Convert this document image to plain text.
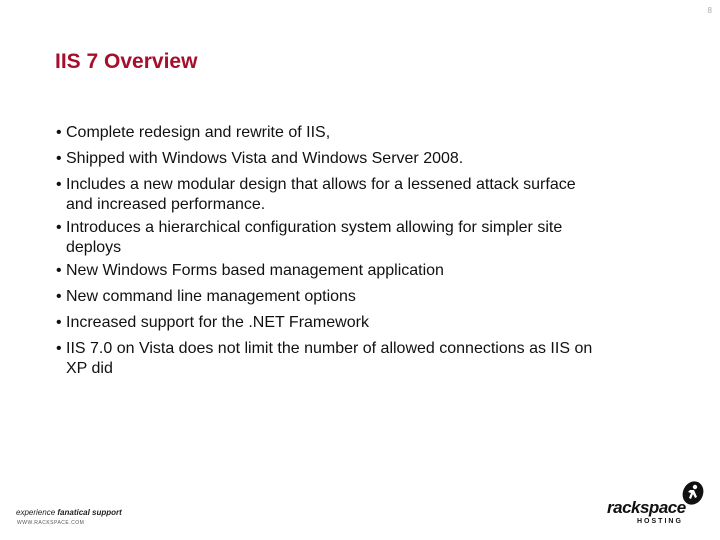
8
IIS 7 Overview
• Complete redesign and rewrite of IIS,
• Shipped with Windows Vista and Windows Server 2008.
• Includes a new modular design that allows for a lessened attack surface
and increased performance.
• Introduces a hierarchical configuration system allowing for simpler site
deploys
• New Windows Forms based management application
• New command line management options
• Increased support for the .NET Framework
• IIS 7.0 on Vista does not limit the number of allowed connections as IIS on
XP did
experience fanatical support
WWW.RACKSPACE.COM
rackspace
HOSTING
